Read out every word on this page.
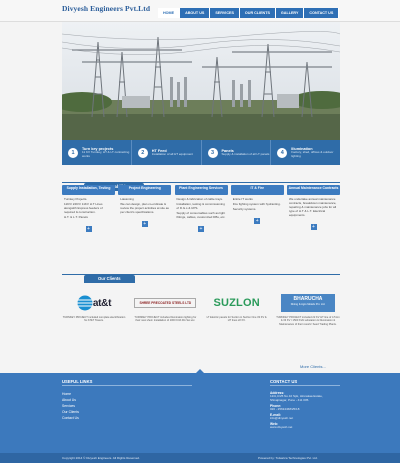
Divyesh Engineers Pvt.Ltd	HOME	ABOUT US	SERVICES	OUR CLIENTS	GALLERY	CONTACT US
1
Turn key projects
11 KV Turnkey, HT & LT contracting works	2	HT Feed
Installation of all HT equipment	3	Panels
Supply & installation of all LT panels	4
Illumination
Factory, shed, offices & outdoor lighting
Supply Installation, Testing
Turnkey Projects.
11KV/ 22KV/ 11KV H.T Lines alongwith Express feeders of required & construction.
H.T. & L.T. Panels
+
Project Engineering
Liasioning
We can design, plan co-ordinate & review the project activities at site as per client's specifications.
+
Plant Engineering Services
Design & fabrication of cable trays.
Installation, testing & commissioning of D.G.s & UPS.
Supply of consumables such as light fittings, cables, customized DBs, etc.
+
IT & Fire
Entire IT works
Fire fighting system with hydranting.
Security systems.
+
Annual Maintenance Contracts
We undertake annual maintenance contracts, breakdown maintenance, repairing & maintenance jobs for all type of H.T & L.T. Electrical equipments.
+
Our Clients
at&t
TURNKEY PROJECT included complete electrification for AT&T Towers.
SHREE PRECOATED STEELS LTD
TURNKEY PROJECT includes Illumination lighting for their new shed. Installation of 1000 KVA DG Set etc.
SUZLON
LT Electric panels for Suzlon in Suzlon One 33 KV & HT lines 22 KV.
BHARUCHA
Dining & Agro Motels Pvt. Ltd.
TURNKEY PROJECT included 22 KV HT line of 4.5 km & 33 KV / 1500 KVA substation & Illumination & Maintenance of their resorts' Seed Trading Plants.
More Clients...
USEFUL LINKS
Home
About Us
Services
Our Clients
Contact Us
CONTACT US
Address:
12/A,C/25 No.10 Spk, Hinnakaa Estate, Shivajinagar, Pune - 411 005.
Phone:
020 - 25634468/25/18
E-mail:
info@divyesh.net
Web:
www.divyesh.net
Copyright 2014 © Divyesh Engineers. All Rights Reserved.	Powered by: Tulsarica Technologies Pvt. Ltd.
